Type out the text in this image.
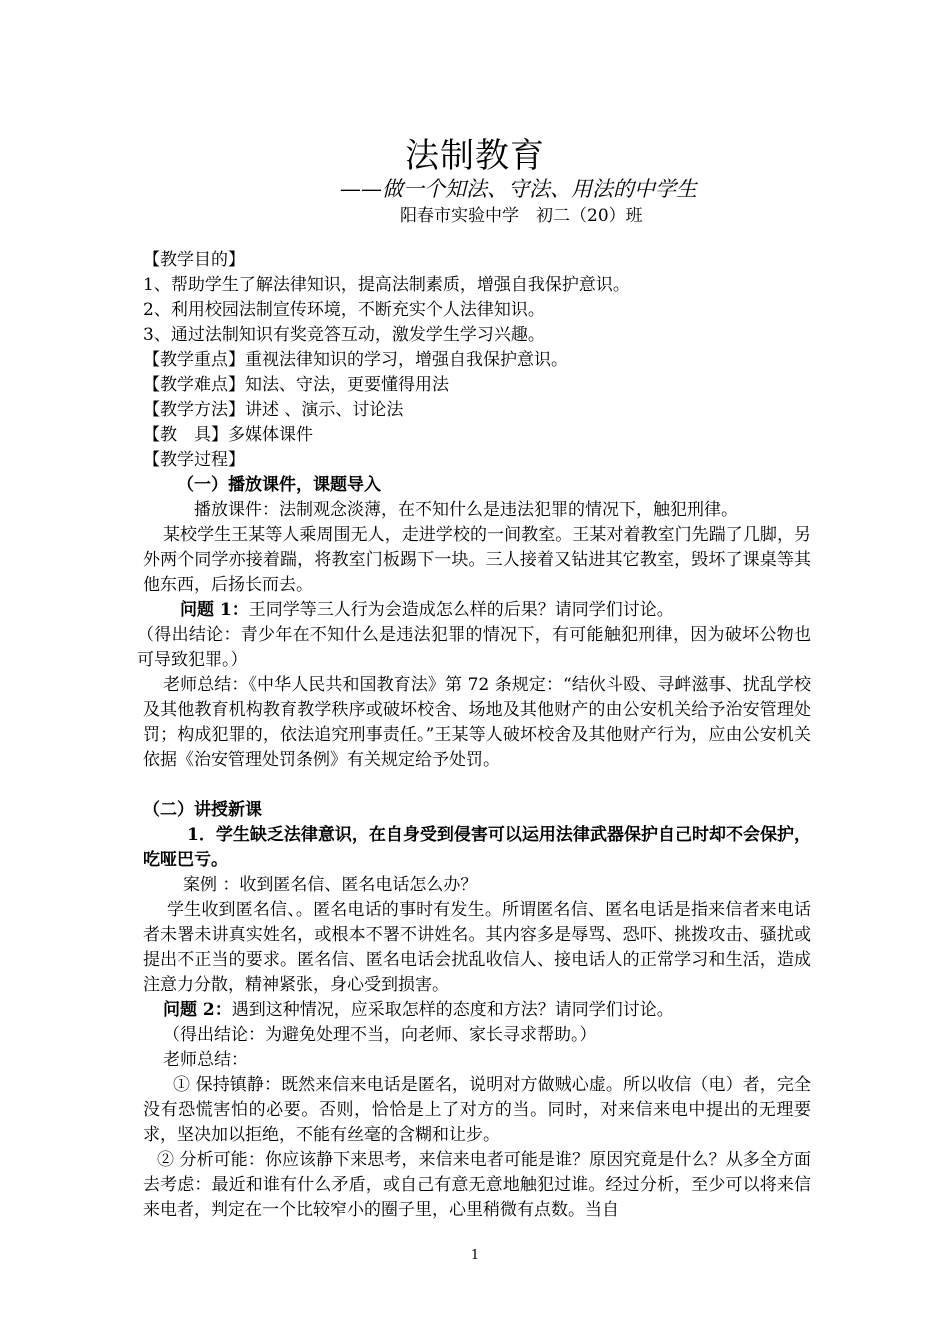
法制教育
——做一个知法、守法、用法的中学生
阳春市实验中学　初二（20）班

【教学目的】

1、帮助学生了解法律知识，提高法制素质，增强自我保护意识。

2、利用校园法制宣传环境，不断充实个人法律知识。

3、通过法制知识有奖竞答互动，激发学生学习兴趣。

【教学重点】重视法律知识的学习，增强自我保护意识。

【教学难点】知法、守法，更要懂得用法

【教学方法】讲述 、演示、讨论法

【教　具】多媒体课件

【教学过程】

（一）播放课件，课题导入

播放课件：法制观念淡薄，在不知什么是违法犯罪的情况下，触犯刑律。

某校学生王某等人乘周围无人，走进学校的一间教室。王某对着教室门先踹了几脚，另外两个同学亦接着踹，将教室门板踢下一块。三人接着又钻进其它教室，毁坏了课桌等其他东西，后扬长而去。

问题 1：王同学等三人行为会造成怎么样的后果？请同学们讨论。

（得出结论：青少年在不知什么是违法犯罪的情况下，有可能触犯刑律，因为破坏公物也可导致犯罪。）

老师总结：《中华人民共和国教育法》第 72 条规定：“结伙斗殴、寻衅滋事、扰乱学校及其他教育机构教育教学秩序或破坏校舍、场地及其他财产的由公安机关给予治安管理处罚；构成犯罪的，依法追究刑事责任。”王某等人破坏校舍及其他财产行为，应由公安机关依据《治安管理处罚条例》有关规定给予处罚。

（二）讲授新课

1．学生缺乏法律意识，在自身受到侵害可以运用法律武器保护自己时却不会保护，吃哑巴亏。

案例 ：收到匿名信、匿名电话怎么办？

学生收到匿名信、。匿名电话的事时有发生。所谓匿名信、匿名电话是指来信者来电话者未署未讲真实姓名，或根本不署不讲姓名。其内容多是辱骂、恐吓、挑拨攻击、骚扰或提出不正当的要求。匿名信、匿名电话会扰乱收信人、接电话人的正常学习和生活，造成注意力分散，精神紧张，身心受到损害。

问题 2：遇到这种情况，应采取怎样的态度和方法？请同学们讨论。

（得出结论：为避免处理不当，向老师、家长寻求帮助。）

老师总结：

① 保持镇静：既然来信来电话是匿名，说明对方做贼心虚。所以收信（电）者，完全没有恐慌害怕的必要。否则，恰恰是上了对方的当。同时，对来信来电中提出的无理要求，坚决加以拒绝，不能有丝毫的含糊和让步。

② 分析可能：你应该静下来思考，来信来电者可能是谁？原因究竟是什么？从多全方面去考虑：最近和谁有什么矛盾，或自己有意无意地触犯过谁。经过分析，至少可以将来信来电者，判定在一个比较窄小的圈子里，心里稍微有点数。当自

1
